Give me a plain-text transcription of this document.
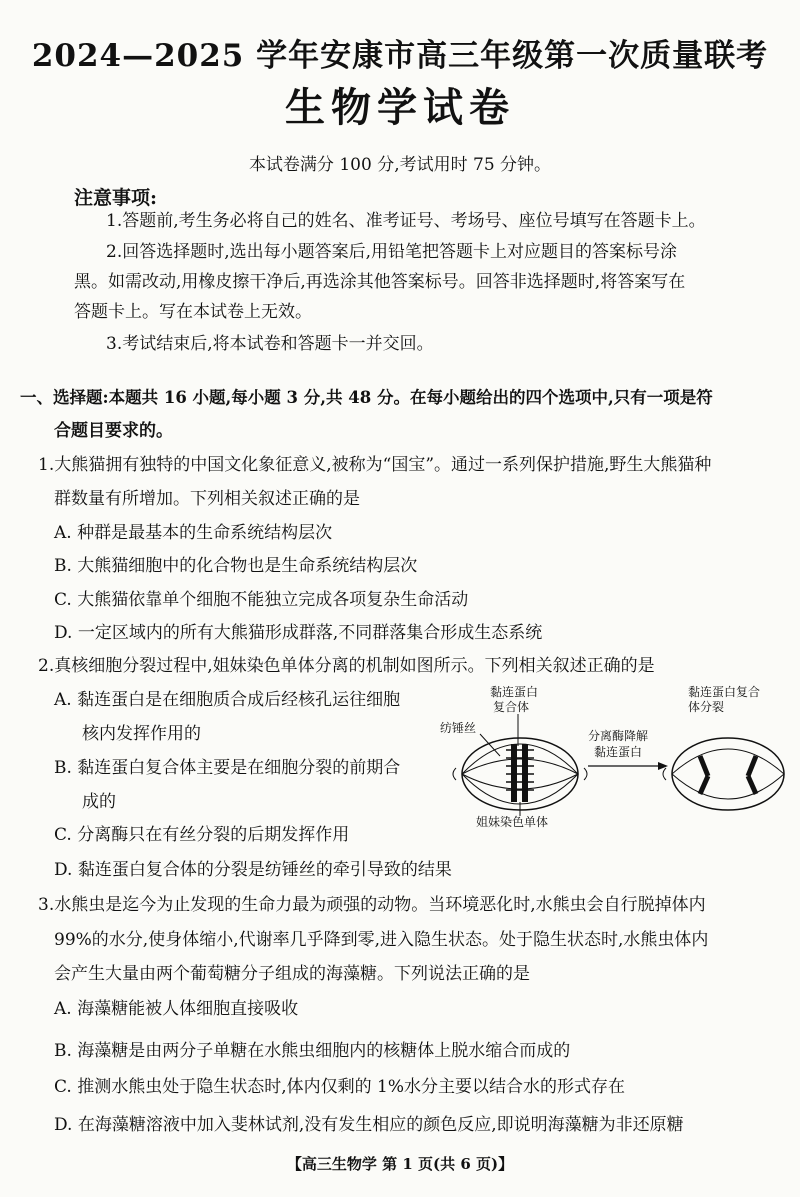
2024—2025 学年安康市高三年级第一次质量联考
生物学试卷
本试卷满分 100 分,考试用时 75 分钟。
注意事项:
1.答题前,考生务必将自己的姓名、准考证号、考场号、座位号填写在答题卡上。
2.回答选择题时,选出每小题答案后,用铅笔把答题卡上对应题目的答案标号涂
黑。如需改动,用橡皮擦干净后,再选涂其他答案标号。回答非选择题时,将答案写在
答题卡上。写在本试卷上无效。
3.考试结束后,将本试卷和答题卡一并交回。
一、选择题:本题共 16 小题,每小题 3 分,共 48 分。在每小题给出的四个选项中,只有一项是符
合题目要求的。
1.大熊猫拥有独特的中国文化象征意义,被称为“国宝”。通过一系列保护措施,野生大熊猫种
群数量有所增加。下列相关叙述正确的是
A. 种群是最基本的生命系统结构层次
B. 大熊猫细胞中的化合物也是生命系统结构层次
C. 大熊猫依靠单个细胞不能独立完成各项复杂生命活动
D. 一定区域内的所有大熊猫形成群落,不同群落集合形成生态系统
2.真核细胞分裂过程中,姐妹染色单体分离的机制如图所示。下列相关叙述正确的是
A. 黏连蛋白是在细胞质合成后经核孔运往细胞
核内发挥作用的
B. 黏连蛋白复合体主要是在细胞分裂的前期合
成的
C. 分离酶只在有丝分裂的后期发挥作用
D. 黏连蛋白复合体的分裂是纺锤丝的牵引导致的结果
黏连蛋白
复合体
纺锤丝
姐妹染色单体
分离酶降解
黏连蛋白
黏连蛋白复合
体分裂
3.水熊虫是迄今为止发现的生命力最为顽强的动物。当环境恶化时,水熊虫会自行脱掉体内
99%的水分,使身体缩小,代谢率几乎降到零,进入隐生状态。处于隐生状态时,水熊虫体内
会产生大量由两个葡萄糖分子组成的海藻糖。下列说法正确的是
A. 海藻糖能被人体细胞直接吸收
B. 海藻糖是由两分子单糖在水熊虫细胞内的核糖体上脱水缩合而成的
C. 推测水熊虫处于隐生状态时,体内仅剩的 1%水分主要以结合水的形式存在
D. 在海藻糖溶液中加入斐林试剂,没有发生相应的颜色反应,即说明海藻糖为非还原糖
【高三生物学 第 1 页(共 6 页)】
